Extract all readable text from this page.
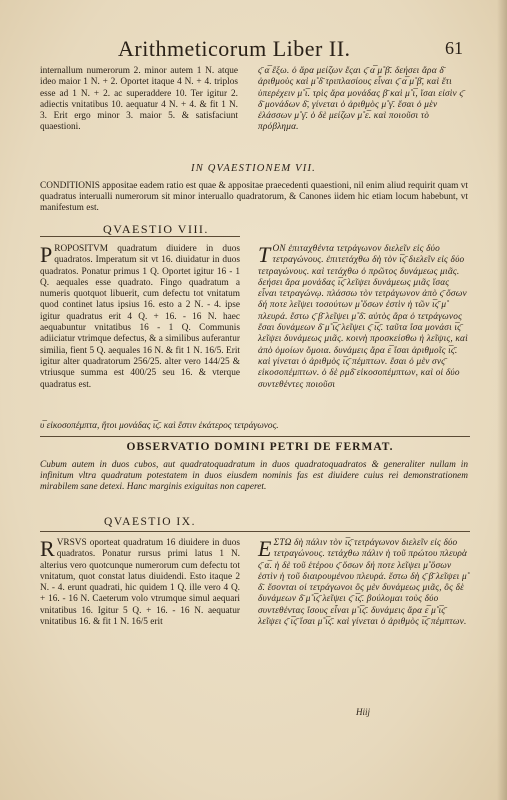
Arithmeticorum Liber II.	61

internallum numerorum 2. minor autem 1 N. atque ideo maior 1 N. + 2. Oportet itaque 4 N. + 4. triplos esse ad 1 N. + 2. ac superaddere 10. Ter igitur 2. adiectis vnitatibus 10. aequatur 4 N. + 4. & fit 1 N. 3. Erit ergo minor 3. maior 5. & satisfaciunt quaestioni.

ς̄ α̅ ἕξω. ὁ ἄρα μείζων ἔςαι ς̄ α̅ μ̊ β̄. δεήσει ἄρα δ̄ ἀριθμοὺς καὶ μ̊ δ̄ τριπλασίους εἶναι ς̄ α̅ μ̊ β̄, καὶ ἔτι ὑπερέχειν μ̊ ι̅. τρὶς ἄρα μονάδας β̄ καὶ μ̊ ι̅, ἴσαι εἰσὶν ς̄ δ̄ μονάδων δ̄, γίνεται ὁ ἀριθμὸς μ̊ γ̄. ἔσαι ὁ μὲν ἐλάσσων μ̊ γ̄. ὁ δὲ μείζων μ̊ ε̅. καὶ ποιοῦσι τὸ πρόβλημα.

IN QVAESTIONEM VII.

CONDITIONIS appositae eadem ratio est quae & appositae praecedenti quaestioni, nil enim aliud requirit quam vt quadratus interualli numerorum sit minor interuallo quadratorum, & Canones iidem hic etiam locum habebunt, vt manifestum est.

QVAESTIO VIII.

PROPOSITVM quadratum diuidere in duos quadratos. Imperatum sit vt 16. diuidatur in duos quadratos. Ponatur primus 1 Q. Oportet igitur 16 - 1 Q. aequales esse quadrato. Fingo quadratum a numeris quotquot libuerit, cum defectu tot vnitatum quod continet latus ipsius 16. esto a 2 N. - 4. ipse igitur quadratus erit 4 Q. + 16. - 16 N. haec aequabuntur vnitatibus 16 - 1 Q. Communis adiiciatur vtrimque defectus, & a similibus auferantur similia, fient 5 Q. aequales 16 N. & fit 1 N. 16/5. Erit igitur alter quadratorum 256/25. alter vero 144/25 & vtriusque summa est 400/25 seu 16. & vterque quadratus est.

ΤΟΝ ἐπιταχθέντα τετράγωνον διελεῖν εἰς δύο τετραγώνους. ἐπιτετάχθω δὴ τὸν ι̅ς̄ διελεῖν εἰς δύο τετραγώνους. καὶ τετάχθω ὁ πρῶτος δυνάμεως μιᾶς. δεήσει ἄρα μονάδας ι̅ς̄ λεῖψει δυνάμεως μιᾶς ἴσας εἶναι τετραγώνῳ. πλάσσω τὸν τετράγωνον ἀπὸ ς̄ ὅσων δή ποτε λεῖψει τοσούτων μ̊ ὅσων ἐστὶν ἡ τῶν ι̅ς̄ μ̊ πλευρά. ἔστω ς̄ β̄ λεῖψει μ̊ δ̄. αὐτὸς ἄρα ὁ τετράγωνος ἔσαι δυνάμεων δ̄ μ̊ ι̅ς̄ λεῖψει ς̄ ι̅ς̄. ταῦτα ἴσα μονάσι ι̅ς̄ λεῖψει δυνάμεως μιᾶς. κοινὴ προσκείσθω ἡ λεῖψις, καὶ ἀπὸ ὁμοίων ὅμοια. δυνάμεις ἄρα ε̅ ἴσαι ἀριθμοῖς ι̅ς̄. καὶ γίνεται ὁ ἀριθμὸς ι̅ς̄ πέμπτων. ἔσαι ὁ μὲν σνς̄ εἰκοσοπέμπτων. ὁ δὲ ρμδ̄ εἰκοσοπέμπτων, καὶ οἱ δύο συντεθέντες ποιοῦσι

υ̅ εἰκοσοπέμπτα, ἤτοι μονάδας ι̅ς̄. καὶ ἔστιν ἑκάτερος τετράγωνος.

OBSERVATIO DOMINI PETRI DE FERMAT.

Cubum autem in duos cubos, aut quadratoquadratum in duos quadratoquadratos & generaliter nullam in infinitum vltra quadratum potestatem in duos eiusdem nominis fas est diuidere cuius rei demonstrationem mirabilem sane detexi. Hanc marginis exiguitas non caperet.

QVAESTIO IX.

RVRSVS oporteat quadratum 16 diuidere in duos quadratos. Ponatur rursus primi latus 1 N. alterius vero quotcunque numerorum cum defectu tot vnitatum, quot constat latus diuidendi. Esto itaque 2 N. - 4. erunt quadrati, hic quidem 1 Q. ille vero 4 Q. + 16. - 16 N. Caeterum volo vtrumque simul aequari vnitatibus 16. Igitur 5 Q. + 16. - 16 N. aequatur vnitatibus 16. & fit 1 N. 16/5 erit

ΕΣΤΩ δὴ πάλιν τὸν ι̅ς̄ τετράγωνον διελεῖν εἰς δύο τετραγώνους. τετάχθω πάλιν ἡ τοῦ πρώτου πλευρὰ ς̄ α̅. ἡ δὲ τοῦ ἑτέρου ς̄ ὅσων δή ποτε λεῖψει μ̊ ὅσων ἐστὶν ἡ τοῦ διαιρουμένου πλευρά. ἔστω δὴ ς̄ β̄ λεῖψει μ̊ δ̄. ἔσονται οἱ τετράγωνοι ὃς μὲν δυνάμεως μιᾶς, ὃς δὲ δυνάμεων δ̄ μ̊ ι̅ς̄ λεῖψει ς̄ ι̅ς̄. βούλομαι τοὺς δύο συντεθέντας ἴσους εἶναι μ̊ ι̅ς̄. δυνάμεις ἄρα ε̅ μ̊ ι̅ς̄ λεῖψει ς̄ ι̅ς̄ ἴσαι μ̊ ι̅ς̄. καὶ γίνεται ὁ ἀριθμὸς ι̅ς̄ πέμπτων.

Hiij
